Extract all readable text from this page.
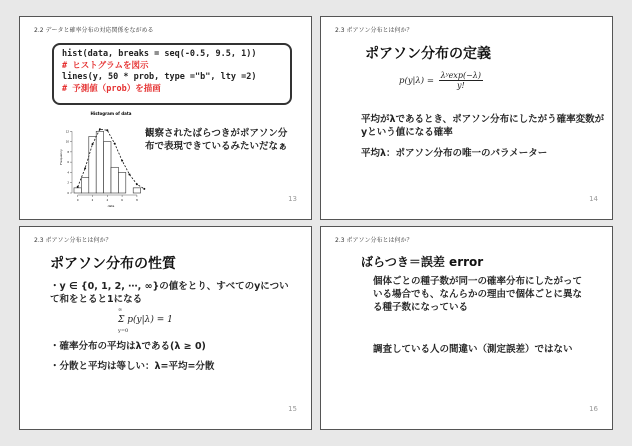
2.2 データと確率分布の対応関係をながめる
hist(data, breaks = seq(-0.5, 9.5, 1))
# ヒストグラムを図示
lines(y, 50 * prob, type ="b", lty =2)
# 予測値（prob）を描画
Histogram of data
0
2
4
6
8
10
12
0	2	4	6	8
data
Frequency
観察されたばらつきがポアソン分布で表現できているみたいだなぁ
13
2.3 ポアソン分布とは何か？
ポアソン分布の定義
$p(y|\lambda) = \frac{\text{λʸexp(−λ)}}{y!}$
平均がλであるとき、ポアソン分布にしたがう確率変数がyという値になる確率
平均λ：ポアソン分布の唯一のパラメーター
14
2.3 ポアソン分布とは何か？
ポアソン分布の性質
・y ∈ {0, 1, 2, ⋯, ∞}の値をとり、すべてのyについて和をとると1になる
∞
Σ p(y|λ) = 1
y=0
・確率分布の平均はλである(λ ≥ 0)
・分散と平均は等しい：λ=平均=分散
15
2.3 ポアソン分布とは何か？
ばらつき＝誤差 error
個体ごとの種子数が同一の確率分布にしたがっている場合でも、なんらかの理由で個体ごとに異なる種子数になっている
調査している人の間違い（測定誤差）ではない
16
